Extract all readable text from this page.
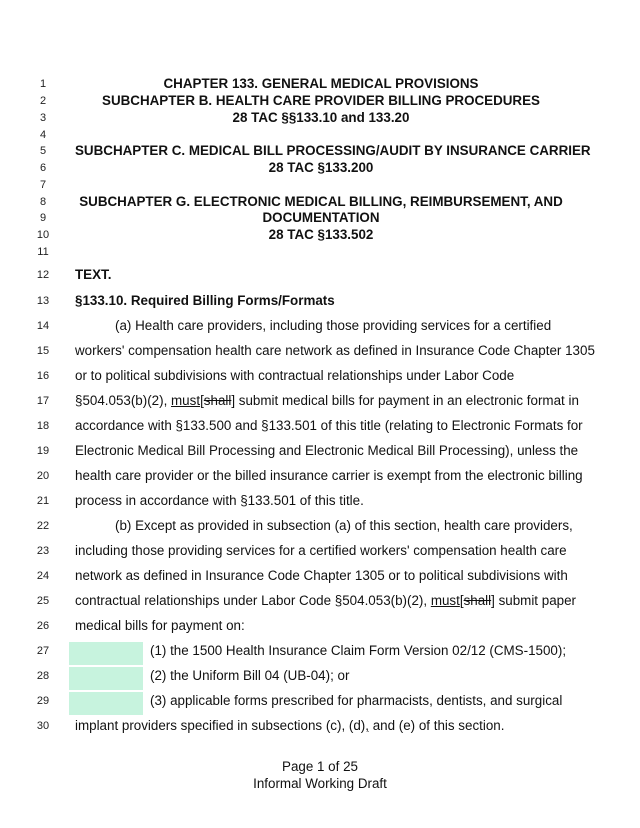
1
2
3
4
5
6
7
8
9
10
11
12
13
14
15
16
17
18
19
20
21
22
23
24
25
26
27
28
29
30
CHAPTER 133. GENERAL MEDICAL PROVISIONS
SUBCHAPTER B. HEALTH CARE PROVIDER BILLING PROCEDURES
28 TAC §§133.10 and 133.20
SUBCHAPTER C. MEDICAL BILL PROCESSING/AUDIT BY INSURANCE CARRIER
28 TAC §133.200
SUBCHAPTER G. ELECTRONIC MEDICAL BILLING, REIMBURSEMENT, AND
DOCUMENTATION
28 TAC §133.502
TEXT.
§133.10. Required Billing Forms/Formats
(a) Health care providers, including those providing services for a certified
workers' compensation health care network as defined in Insurance Code Chapter 1305
or to political subdivisions with contractual relationships under Labor Code
§504.053(b)(2), must[shall] submit medical bills for payment in an electronic format in
accordance with §133.500 and §133.501 of this title (relating to Electronic Formats for
Electronic Medical Bill Processing and Electronic Medical Bill Processing), unless the
health care provider or the billed insurance carrier is exempt from the electronic billing
process in accordance with §133.501 of this title.
(b) Except as provided in subsection (a) of this section, health care providers,
including those providing services for a certified workers' compensation health care
network as defined in Insurance Code Chapter 1305 or to political subdivisions with
contractual relationships under Labor Code §504.053(b)(2), must[shall] submit paper
medical bills for payment on:
(1) the 1500 Health Insurance Claim Form Version 02/12 (CMS-1500);
(2) the Uniform Bill 04 (UB-04); or
(3) applicable forms prescribed for pharmacists, dentists, and surgical
implant providers specified in subsections (c), (d), and (e) of this section.
Page 1 of 25
Informal Working Draft
